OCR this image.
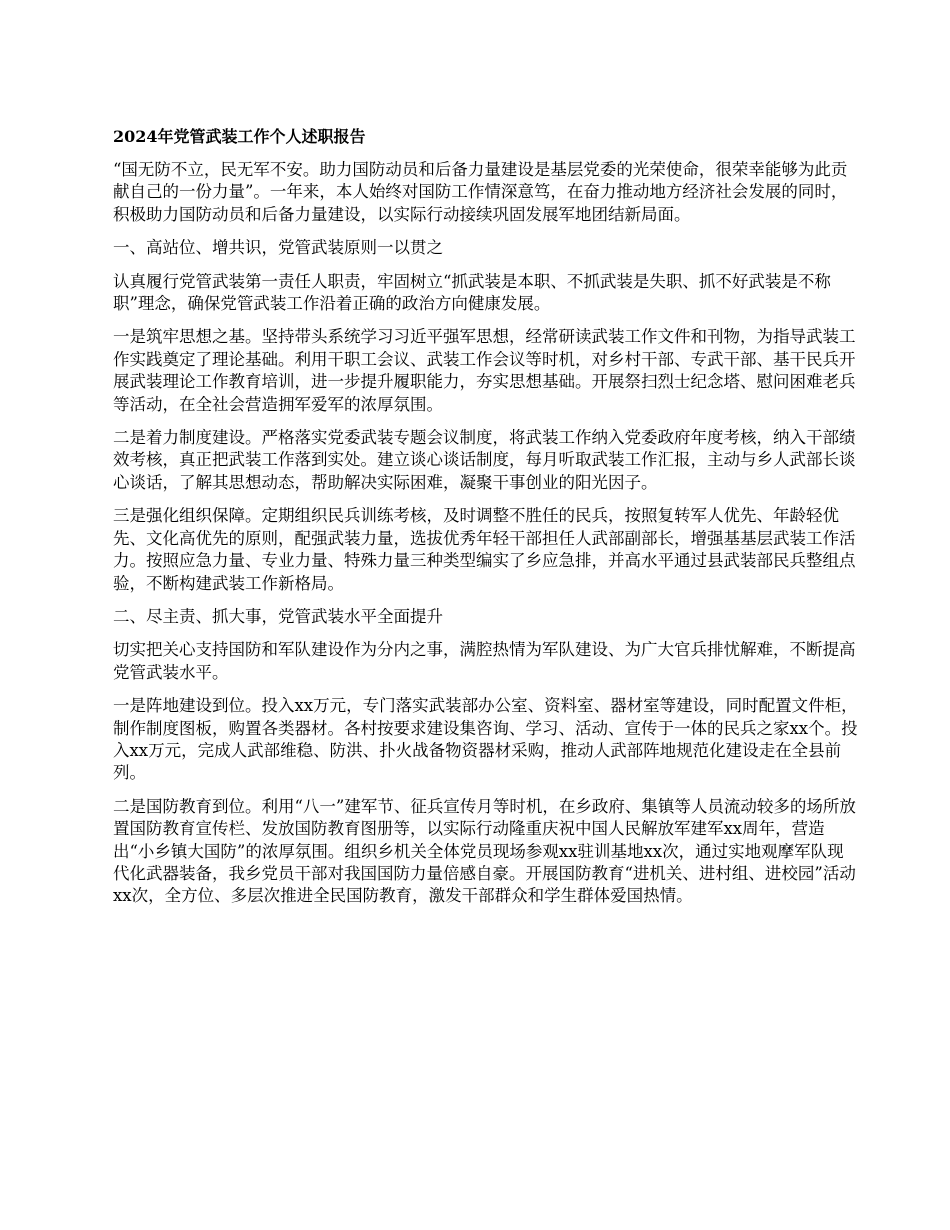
2024年党管武装工作个人述职报告
“国无防不立，民无军不安。助力国防动员和后备力量建设是基层党委的光荣使命，很荣幸能够为此贡献自己的一份力量”。一年来，本人始终对国防工作情深意笃，在奋力推动地方经济社会发展的同时，积极助力国防动员和后备力量建设，以实际行动接续巩固发展军地团结新局面。
一、高站位、增共识，党管武装原则一以贯之
认真履行党管武装第一责任人职责，牢固树立“抓武装是本职、不抓武装是失职、抓不好武装是不称职”理念，确保党管武装工作沿着正确的政治方向健康发展。
一是筑牢思想之基。坚持带头系统学习习近平强军思想，经常研读武装工作文件和刊物，为指导武装工作实践奠定了理论基础。利用干职工会议、武装工作会议等时机，对乡村干部、专武干部、基干民兵开展武装理论工作教育培训，进一步提升履职能力，夯实思想基础。开展祭扫烈士纪念塔、慰问困难老兵等活动，在全社会营造拥军爱军的浓厚氛围。
二是着力制度建设。严格落实党委武装专题会议制度，将武装工作纳入党委政府年度考核，纳入干部绩效考核，真正把武装工作落到实处。建立谈心谈话制度，每月听取武装工作汇报，主动与乡人武部长谈心谈话，了解其思想动态，帮助解决实际困难，凝聚干事创业的阳光因子。
三是强化组织保障。定期组织民兵训练考核，及时调整不胜任的民兵，按照复转军人优先、年龄轻优先、文化高优先的原则，配强武装力量，选拔优秀年轻干部担任人武部副部长，增强基基层武装工作活力。按照应急力量、专业力量、特殊力量三种类型编实了乡应急排，并高水平通过县武装部民兵整组点验，不断构建武装工作新格局。
二、尽主责、抓大事，党管武装水平全面提升
切实把关心支持国防和军队建设作为分内之事，满腔热情为军队建设、为广大官兵排忧解难，不断提高党管武装水平。
一是阵地建设到位。投入xx万元，专门落实武装部办公室、资料室、器材室等建设，同时配置文件柜，制作制度图板，购置各类器材。各村按要求建设集咨询、学习、活动、宣传于一体的民兵之家xx个。投入xx万元，完成人武部维稳、防洪、扑火战备物资器材采购，推动人武部阵地规范化建设走在全县前列。
二是国防教育到位。利用“八一”建军节、征兵宣传月等时机，在乡政府、集镇等人员流动较多的场所放置国防教育宣传栏、发放国防教育图册等，以实际行动隆重庆祝中国人民解放军建军xx周年，营造出“小乡镇大国防”的浓厚氛围。组织乡机关全体党员现场参观xx驻训基地xx次，通过实地观摩军队现代化武器装备，我乡党员干部对我国国防力量倍感自豪。开展国防教育“进机关、进村组、进校园”活动xx次，全方位、多层次推进全民国防教育，激发干部群众和学生群体爱国热情。
